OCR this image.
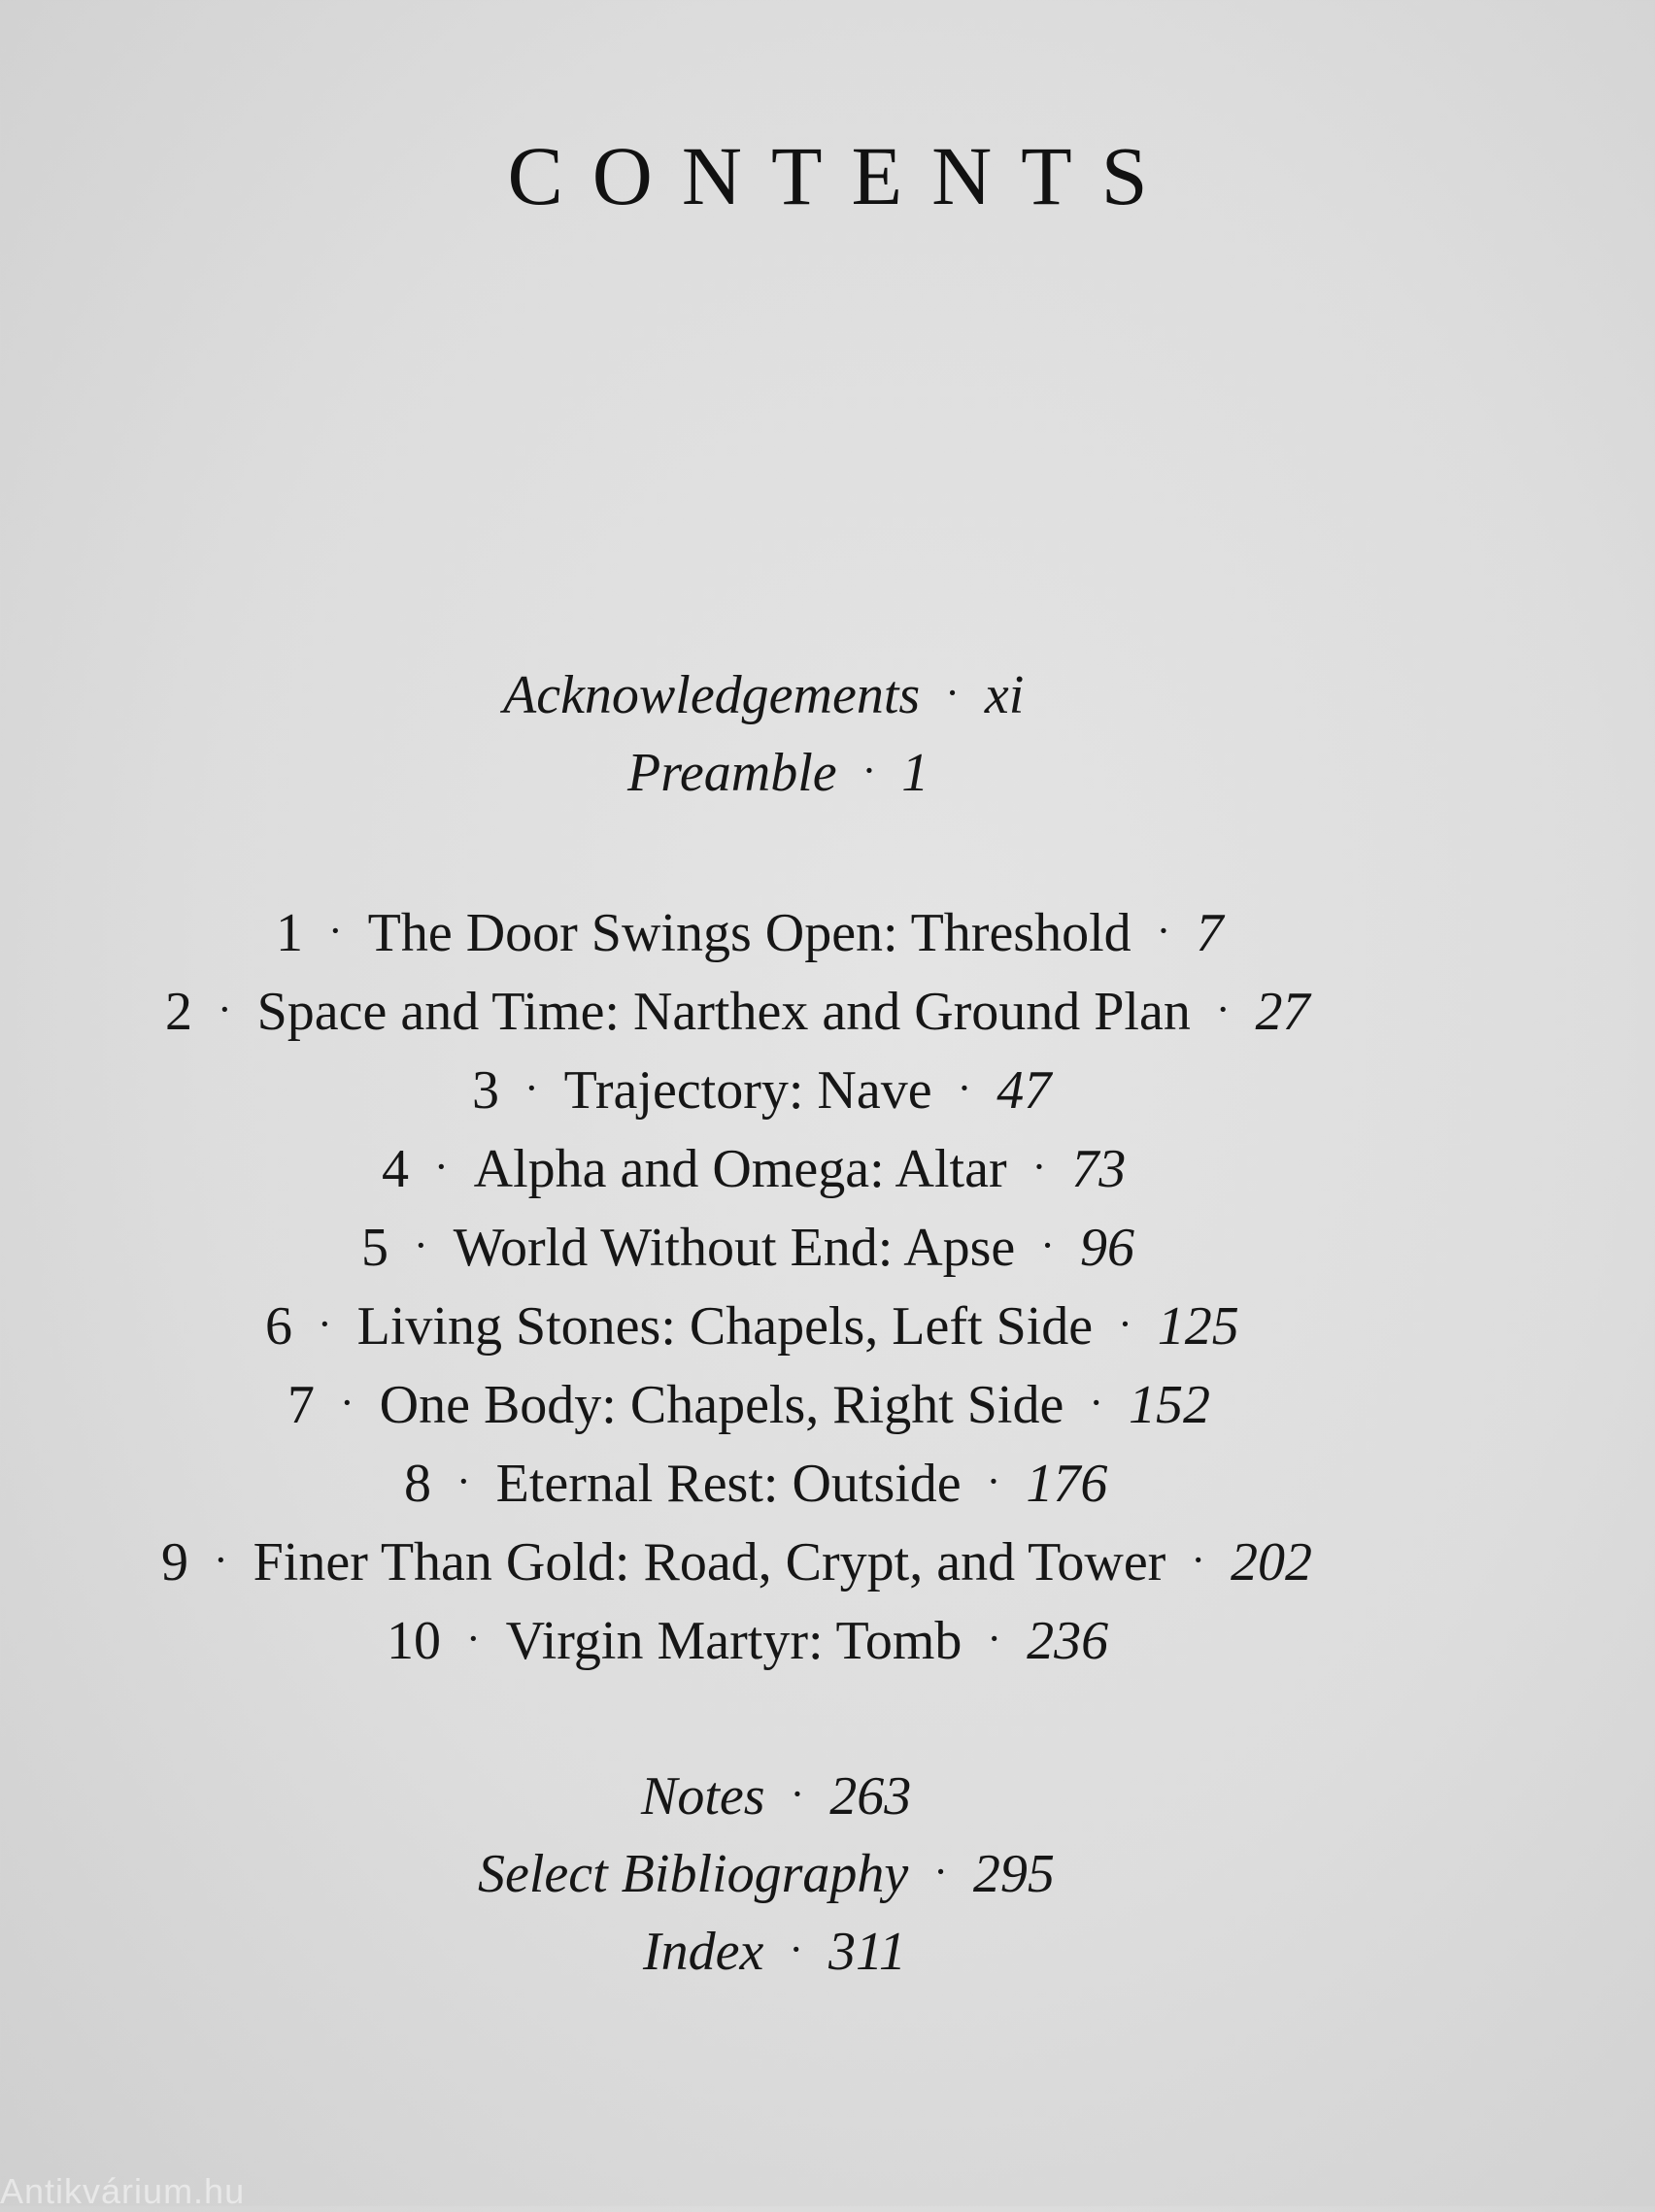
CONTENTS
Acknowledgements · xi
Preamble · 1
1 · The Door Swings Open: Threshold · 7
2 · Space and Time: Narthex and Ground Plan · 27
3 · Trajectory: Nave · 47
4 · Alpha and Omega: Altar · 73
5 · World Without End: Apse · 96
6 · Living Stones: Chapels, Left Side · 125
7 · One Body: Chapels, Right Side · 152
8 · Eternal Rest: Outside · 176
9 · Finer Than Gold: Road, Crypt, and Tower · 202
10 · Virgin Martyr: Tomb · 236
Notes · 263
Select Bibliography · 295
Index · 311
Antikvárium.hu
